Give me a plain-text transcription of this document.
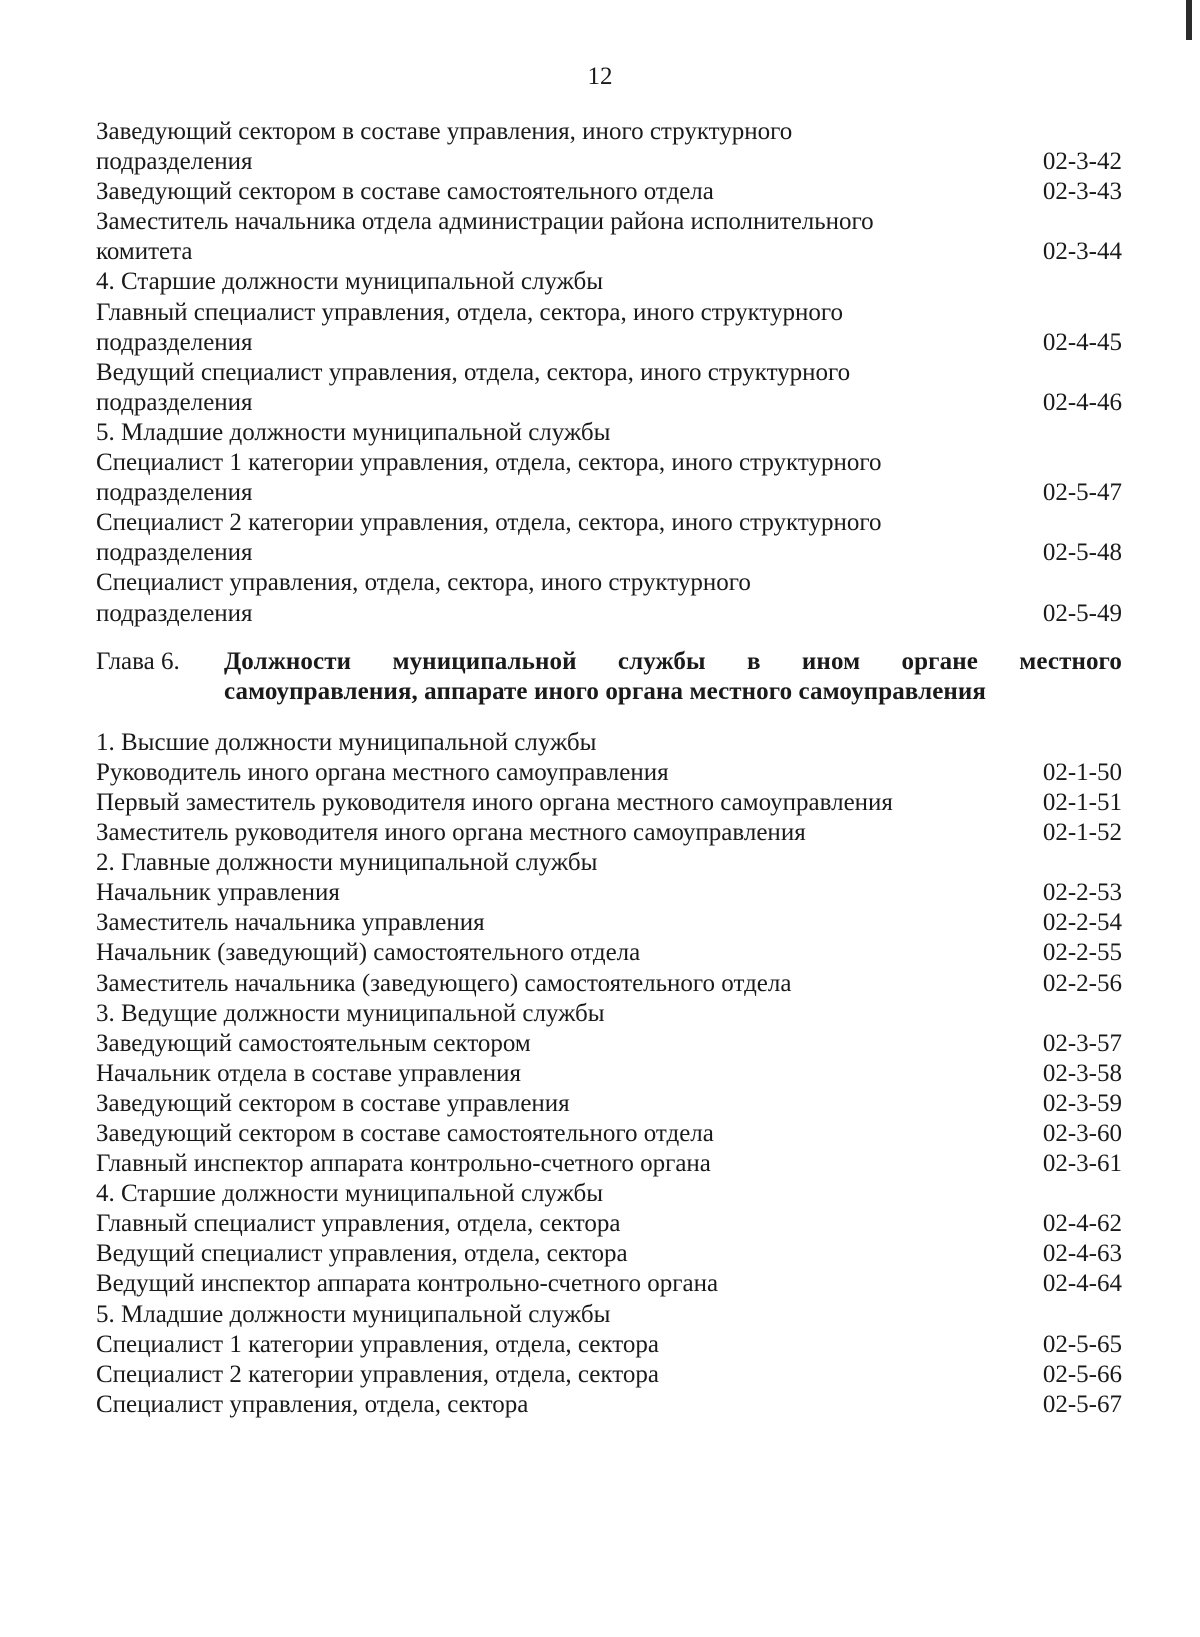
12
Заведующий сектором в составе управления, иного структурного
подразделения	02-3-42
Заведующий сектором в составе самостоятельного отдела	02-3-43
Заместитель начальника отдела администрации района исполнительного
комитета	02-3-44
4. Старшие должности муниципальной службы
Главный специалист управления, отдела, сектора, иного структурного
подразделения	02-4-45
Ведущий специалист управления, отдела, сектора, иного структурного
подразделения	02-4-46
5. Младшие должности муниципальной службы
Специалист 1 категории управления, отдела, сектора, иного структурного
подразделения	02-5-47
Специалист 2 категории управления, отдела, сектора, иного структурного
подразделения	02-5-48
Специалист управления, отдела, сектора, иного структурного
подразделения	02-5-49
Глава 6.	Должности муниципальной службы в ином органе местного
самоуправления, аппарате иного органа местного самоуправления
1. Высшие должности муниципальной службы
Руководитель иного органа местного самоуправления	02-1-50
Первый заместитель руководителя иного органа местного самоуправления	02-1-51
Заместитель руководителя иного органа местного самоуправления	02-1-52
2. Главные должности муниципальной службы
Начальник управления	02-2-53
Заместитель начальника управления	02-2-54
Начальник (заведующий) самостоятельного отдела	02-2-55
Заместитель начальника (заведующего) самостоятельного отдела	02-2-56
3. Ведущие должности муниципальной службы
Заведующий самостоятельным сектором	02-3-57
Начальник отдела в составе управления	02-3-58
Заведующий сектором в составе управления	02-3-59
Заведующий сектором в составе самостоятельного отдела	02-3-60
Главный инспектор аппарата контрольно-счетного органа	02-3-61
4. Старшие должности муниципальной службы
Главный специалист управления, отдела, сектора	02-4-62
Ведущий специалист управления, отдела, сектора	02-4-63
Ведущий инспектор аппарата контрольно-счетного органа	02-4-64
5. Младшие должности муниципальной службы
Специалист 1 категории управления, отдела, сектора	02-5-65
Специалист 2 категории управления, отдела, сектора	02-5-66
Специалист управления, отдела, сектора	02-5-67
